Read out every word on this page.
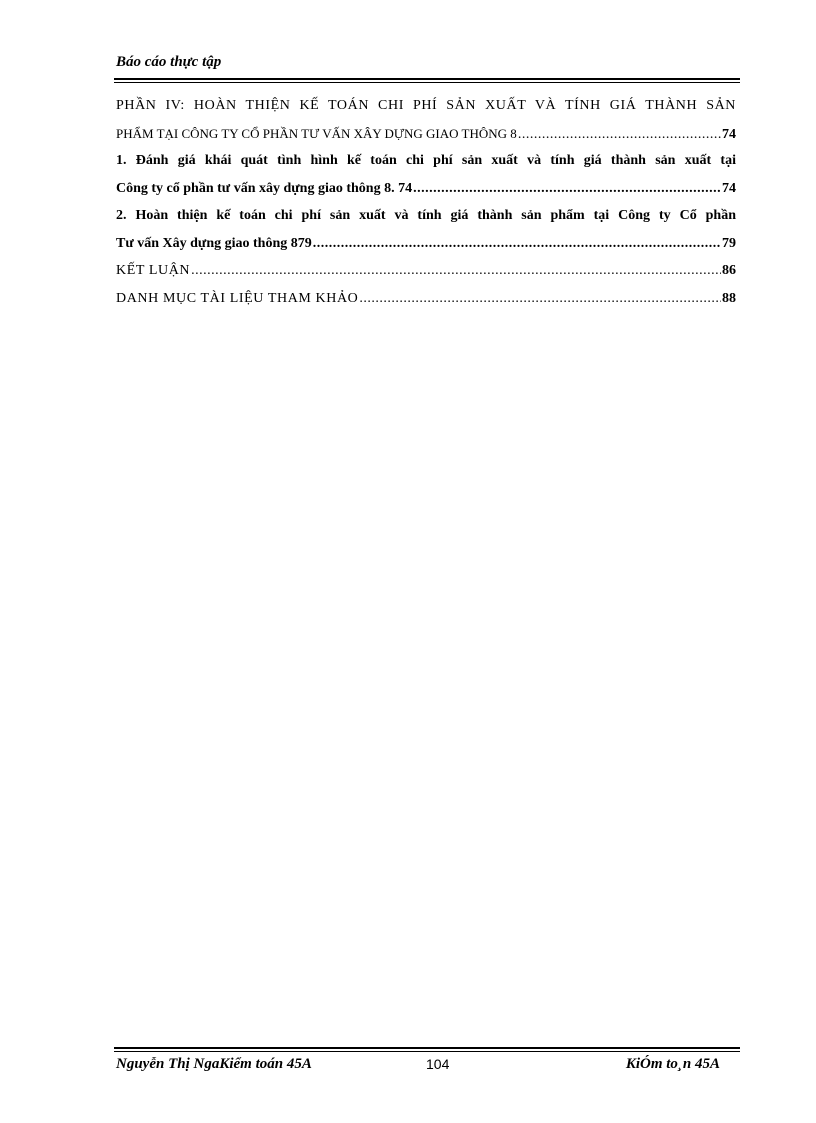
Báo cáo thực tập
PHẦN IV: HOÀN THIỆN KẾ TOÁN CHI PHÍ SẢN XUẤT VÀ TÍNH GIÁ THÀNH SẢN
PHẨM TẠI CÔNG TY CỔ PHẦN TƯ VẤN XÂY DỰNG GIAO THÔNG 8 .....	74
1. Đánh giá khái quát tình hình kế toán chi phí sản xuất và tính giá thành sản xuất tại
Công ty cổ phần tư vấn xây dựng giao thông 8. 74 .....	74
2. Hoàn thiện kế toán chi phí sản xuất và tính giá thành sản phẩm tại Công ty Cổ phần
Tư vấn Xây dựng giao thông 879 .....	79
KẾT LUẬN .....	86
DANH MỤC TÀI LIỆU THAM KHẢO .....	88
Nguyễn Thị NgaKiểm toán 45A	104	KiÓm to¸n 45A
